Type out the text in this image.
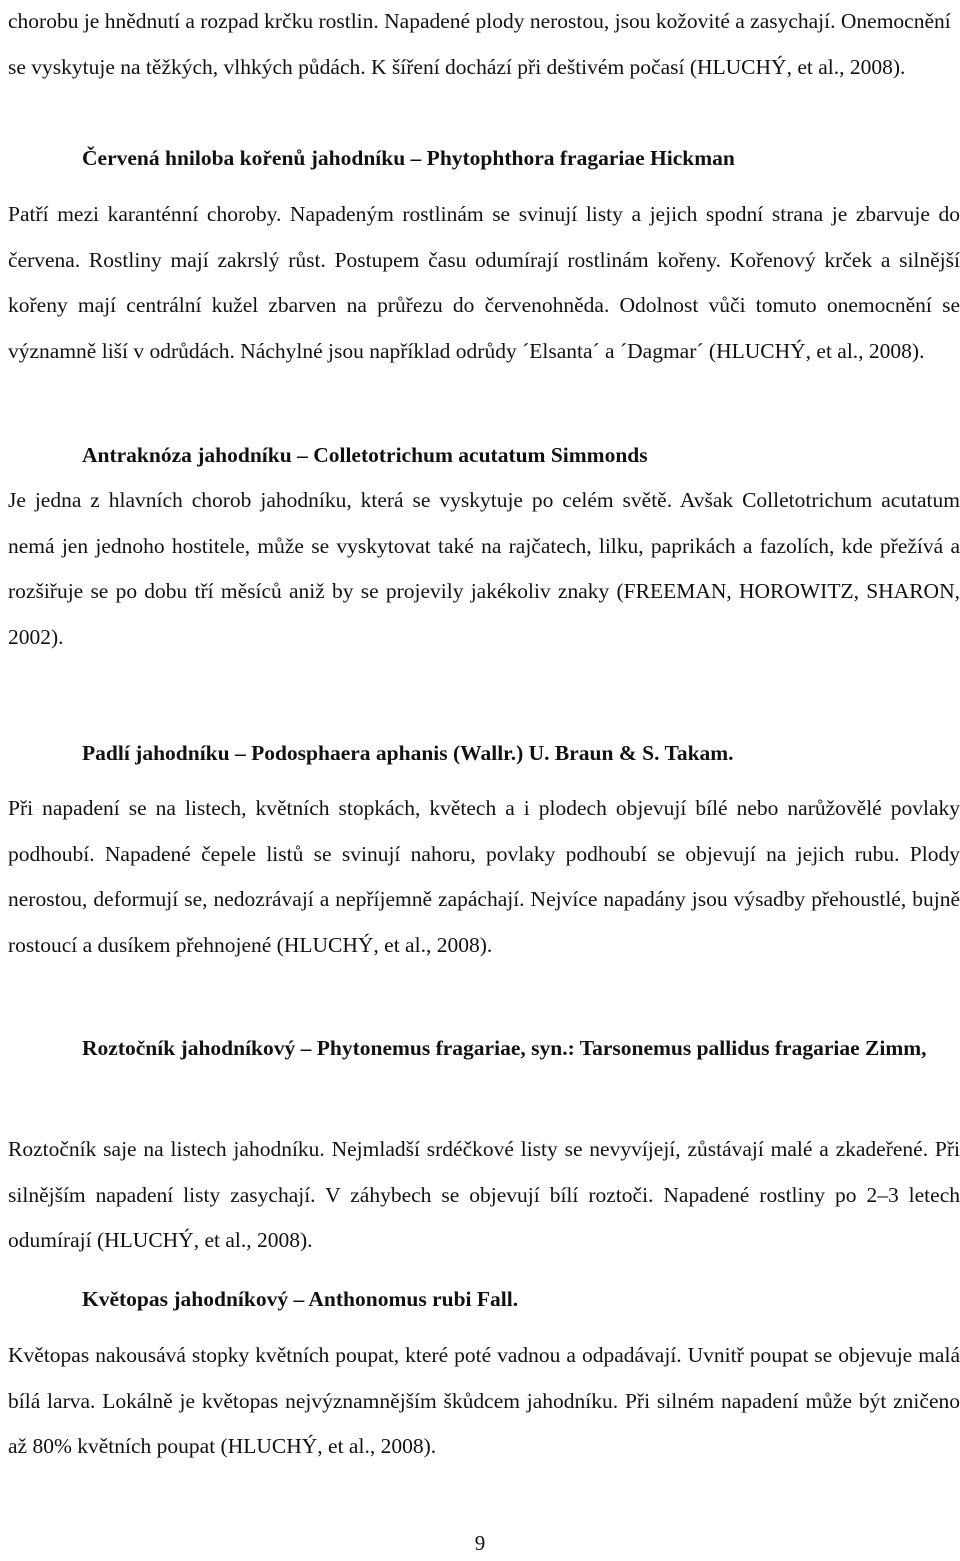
chorobu je hnědnutí a rozpad krčku rostlin. Napadené plody nerostou, jsou kožovité a zasychají. Onemocnění se vyskytuje na těžkých, vlhkých půdách. K šíření dochází při deštivém počasí (HLUCHÝ, et al., 2008).

Červená hniloba kořenů jahodníku – Phytophthora fragariae Hickman

Patří mezi karanténní choroby. Napadeným rostlinám se svinují listy a jejich spodní strana je zbarvuje do červena. Rostliny mají zakrslý růst. Postupem času odumírají rostlinám kořeny. Kořenový krček a silnější kořeny mají centrální kužel zbarven na průřezu do červenohněda. Odolnost vůči tomuto onemocnění se významně liší v odrůdách. Náchylné jsou například odrůdy ´Elsanta´ a ´Dagmar´ (HLUCHÝ, et al., 2008).

Antraknóza jahodníku – Colletotrichum acutatum Simmonds

Je jedna z hlavních chorob jahodníku, která se vyskytuje po celém světě. Avšak Colletotrichum acutatum nemá jen jednoho hostitele, může se vyskytovat také na rajčatech, lilku, paprikách a fazolích, kde přežívá a rozšiřuje se po dobu tří měsíců aniž by se projevily jakékoliv znaky (FREEMAN, HOROWITZ, SHARON, 2002).

Padlí jahodníku – Podosphaera aphanis (Wallr.) U. Braun & S. Takam.

Při napadení se na listech, květních stopkách, květech a i plodech objevují bílé nebo narůžovělé povlaky podhoubí. Napadené čepele listů se svinují nahoru, povlaky podhoubí se objevují na jejich rubu. Plody nerostou, deformují se, nedozrávají a nepříjemně zapáchají. Nejvíce napadány jsou výsadby přehoustlé, bujně rostoucí a dusíkem přehnojené (HLUCHÝ, et al., 2008).

Roztočník jahodníkový – Phytonemus fragariae, syn.: Tarsonemus pallidus fragariae Zimm,

Roztočník saje na listech jahodníku. Nejmladší srdéčkové listy se nevyvíjejí, zůstávají malé a zkadeřené. Při silnějším napadení listy zasychají. V záhybech se objevují bílí roztoči. Napadené rostliny po 2–3 letech odumírají (HLUCHÝ, et al., 2008).

Květopas jahodníkový – Anthonomus rubi Fall.

Květopas nakousává stopky květních poupat, které poté vadnou a odpadávají. Uvnitř poupat se objevuje malá bílá larva. Lokálně je květopas nejvýznamnějším škůdcem jahodníku. Při silném napadení může být zničeno až 80% květních poupat (HLUCHÝ, et al., 2008).

9
